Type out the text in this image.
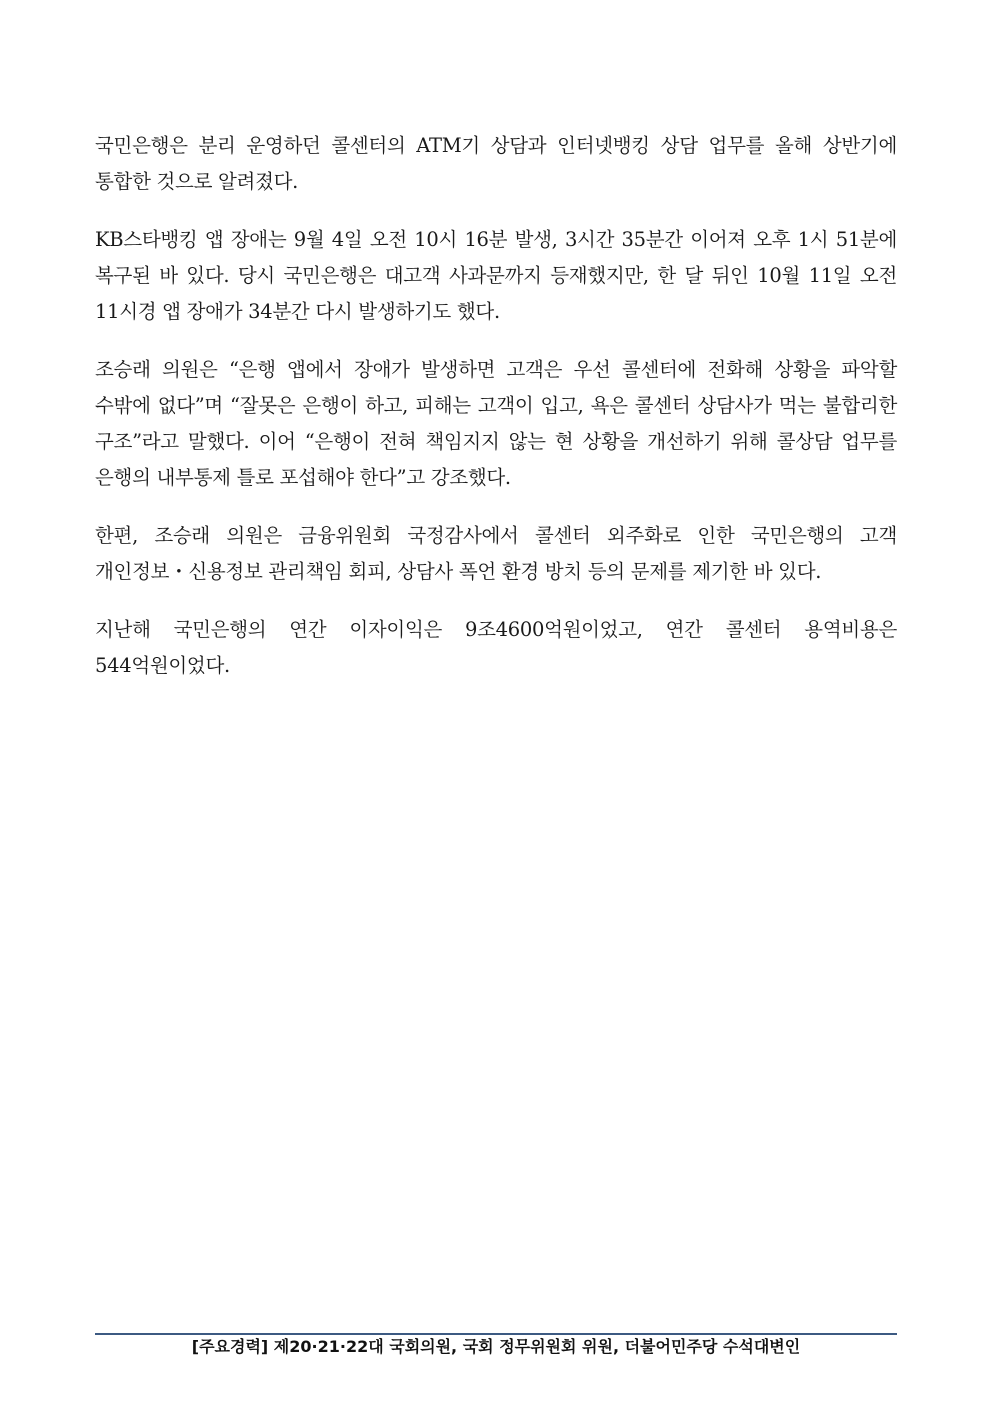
국민은행은 분리 운영하던 콜센터의 ATM기 상담과 인터넷뱅킹 상담 업무를 올해 상반기에 통합한 것으로 알려졌다.

KB스타뱅킹 앱 장애는 9월 4일 오전 10시 16분 발생, 3시간 35분간 이어져 오후 1시 51분에 복구된 바 있다. 당시 국민은행은 대고객 사과문까지 등재했지만, 한 달 뒤인 10월 11일 오전 11시경 앱 장애가 34분간 다시 발생하기도 했다.

조승래 의원은 “은행 앱에서 장애가 발생하면 고객은 우선 콜센터에 전화해 상황을 파악할 수밖에 없다”며 “잘못은 은행이 하고, 피해는 고객이 입고, 욕은 콜센터 상담사가 먹는 불합리한 구조”라고 말했다. 이어 “은행이 전혀 책임지지 않는 현 상황을 개선하기 위해 콜상담 업무를 은행의 내부통제 틀로 포섭해야 한다”고 강조했다.

한편, 조승래 의원은 금융위원회 국정감사에서 콜센터 외주화로 인한 국민은행의 고객 개인정보・신용정보 관리책임 회피, 상담사 폭언 환경 방치 등의 문제를 제기한 바 있다.

지난해 국민은행의 연간 이자이익은 9조4600억원이었고, 연간 콜센터 용역비용은 544억원이었다.

[주요경력] 제20·21·22대 국회의원, 국회 정무위원회 위원, 더불어민주당 수석대변인
